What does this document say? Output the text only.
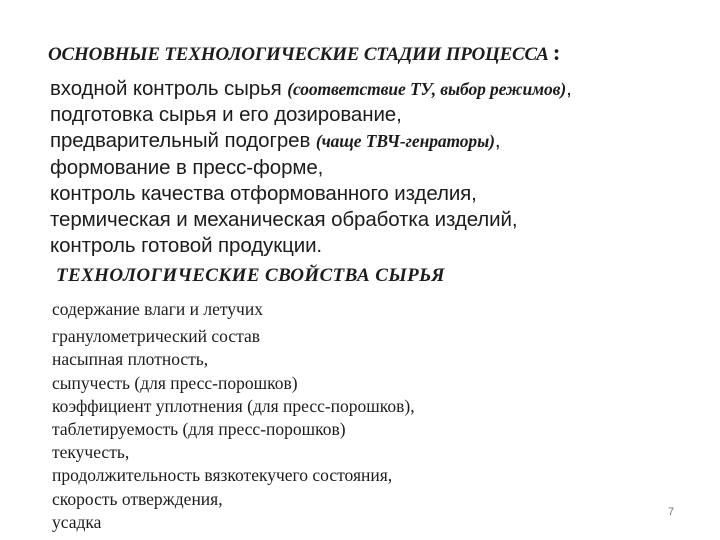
ОСНОВНЫЕ ТЕХНОЛОГИЧЕСКИЕ СТАДИИ ПРОЦЕССА :
входной контроль сырья (соответствие ТУ, выбор режимов),
подготовка сырья и его дозирование,
предварительный подогрев (чаще ТВЧ-генраторы),
формование в пресс-форме,
контроль качества отформованного изделия,
термическая и механическая обработка изделий,
контроль готовой продукции.
ТЕХНОЛОГИЧЕСКИЕ СВОЙСТВА СЫРЬЯ
содержание влаги и летучих
гранулометрический состав
насыпная плотность,
сыпучесть (для пресс-порошков)
коэффициент уплотнения (для пресс-порошков),
таблетируемость (для пресс-порошков)
текучесть,
продолжительность вязкотекучего состояния,
скорость отверждения,
усадка	7
